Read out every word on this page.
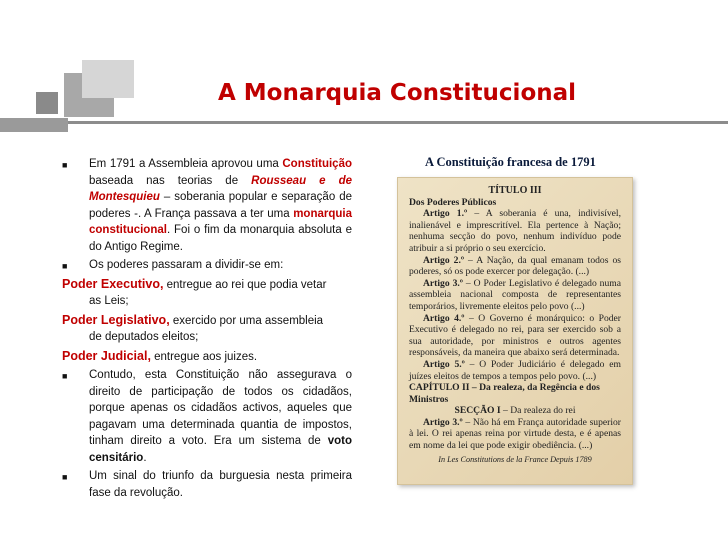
A Monarquia Constitucional
■
Em 1791 a Assembleia aprovou uma Constituição baseada nas teorias de Rousseau e de Montesquieu – soberania popular e separação de poderes -. A França passava a ter uma monarquia constitucional. Foi o fim da monarquia absoluta e do Antigo Regime.
■
Os poderes passaram a dividir-se em:
Poder Executivo, entregue ao rei que podia vetar
as Leis;
Poder Legislativo, exercido por uma assembleia
de deputados eleitos;
Poder Judicial, entregue aos juizes.
■
Contudo, esta Constituição não assegurava o direito de participação de todos os cidadãos, porque apenas os cidadãos activos, aqueles que pagavam uma determinada quantia de impostos, tinham direito a voto. Era um sistema de voto censitário.
■
Um sinal do triunfo da burguesia nesta primeira fase da revolução.
A Constituição francesa de 1791
TÍTULO III
Dos Poderes Públicos
Artigo 1.º – A soberania é una, indivisível, inalienável e imprescritível. Ela pertence à Nação; nenhuma secção do povo, nenhum indivíduo pode atribuir a si próprio o seu exercício.
Artigo 2.º – A Nação, da qual emanam todos os poderes, só os pode exercer por delegação. (...)
Artigo 3.º – O Poder Legislativo é delegado numa assembleia nacional composta de representantes temporários, livremente eleitos pelo povo (...)
Artigo 4.º – O Governo é monárquico: o Poder Executivo é delegado no rei, para ser exercido sob a sua autoridade, por ministros e outros agentes responsáveis, da maneira que abaixo será determinada.
Artigo 5.º – O Poder Judiciário é delegado em juízes eleitos de tempos a tempos pelo povo. (...)
CAPÍTULO II – Da realeza, da Regência e dos Ministros
SECÇÃO I – Da realeza do rei
Artigo 3.º – Não há em França autoridade superior à lei. O rei apenas reina por virtude desta, e é apenas em nome da lei que pode exigir obediência. (...)
In Les Constitutions de la France Depuis 1789
